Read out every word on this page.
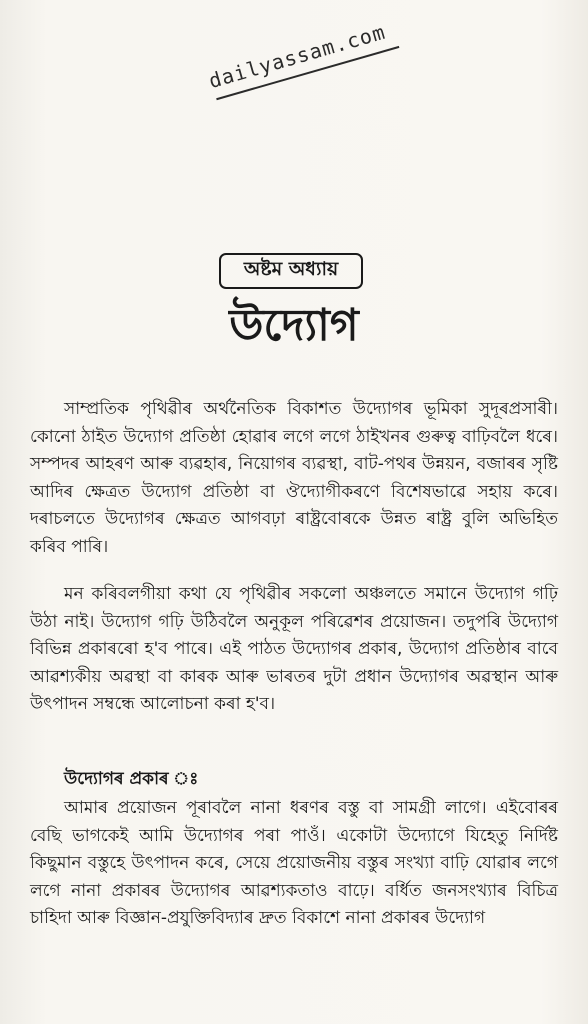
dailyassam.com
অষ্টম অধ্যায়
উদ্যোগ
সাম্প্রতিক পৃথিৱীৰ অৰ্থনৈতিক বিকাশত উদ্যোগৰ ভূমিকা সুদূৰপ্ৰসাৰী। কোনো ঠাইত উদ্যোগ প্ৰতিষ্ঠা হোৱাৰ লগে লগে ঠাইখনৰ গুৰুত্ব বাঢ়িবলৈ ধৰে। সম্পদৰ আহৰণ আৰু ব্যৱহাৰ, নিয়োগৰ ব্যৱস্থা, বাট-পথৰ উন্নয়ন, বজাৰৰ সৃষ্টি আদিৰ ক্ষেত্ৰত উদ্যোগ প্ৰতিষ্ঠা বা ঔদ্যোগীকৰণে বিশেষভাৱে সহায় কৰে। দৰাচলতে উদ্যোগৰ ক্ষেত্ৰত আগবঢ়া ৰাষ্ট্ৰবোৰকে উন্নত ৰাষ্ট্ৰ বুলি অভিহিত কৰিব পাৰি।
মন কৰিবলগীয়া কথা যে পৃথিৱীৰ সকলো অঞ্চলতে সমানে উদ্যোগ গঢ়ি উঠা নাই। উদ্যোগ গঢ়ি উঠিবলৈ অনুকূল পৰিৱেশৰ প্ৰয়োজন। তদুপৰি উদ্যোগ বিভিন্ন প্ৰকাৰৰো হ'ব পাৰে। এই পাঠত উদ্যোগৰ প্ৰকাৰ, উদ্যোগ প্ৰতিষ্ঠাৰ বাবে আৱশ্যকীয় অৱস্থা বা কাৰক আৰু ভাৰতৰ দুটা প্ৰধান উদ্যোগৰ অৱস্থান আৰু উৎপাদন সম্বন্ধে আলোচনা কৰা হ'ব।
উদ্যোগৰ প্ৰকাৰ ঃ
আমাৰ প্ৰয়োজন পূৰাবলৈ নানা ধৰণৰ বস্তু বা সামগ্ৰী লাগে। এইবোৰৰ বেছি ভাগকেই আমি উদ্যোগৰ পৰা পাওঁ। একোটা উদ্যোগে যিহেতু নিৰ্দিষ্ট কিছুমান বস্তুহে উৎপাদন কৰে, সেয়ে প্ৰয়োজনীয় বস্তুৰ সংখ্যা বাঢ়ি যোৱাৰ লগে লগে নানা প্ৰকাৰৰ উদ্যোগৰ আৱশ্যকতাও বাঢ়ে। বৰ্ধিত জনসংখ্যাৰ বিচিত্ৰ চাহিদা আৰু বিজ্ঞান-প্ৰযুক্তিবিদ্যাৰ দ্ৰুত বিকাশে নানা প্ৰকাৰৰ উদ্যোগ
